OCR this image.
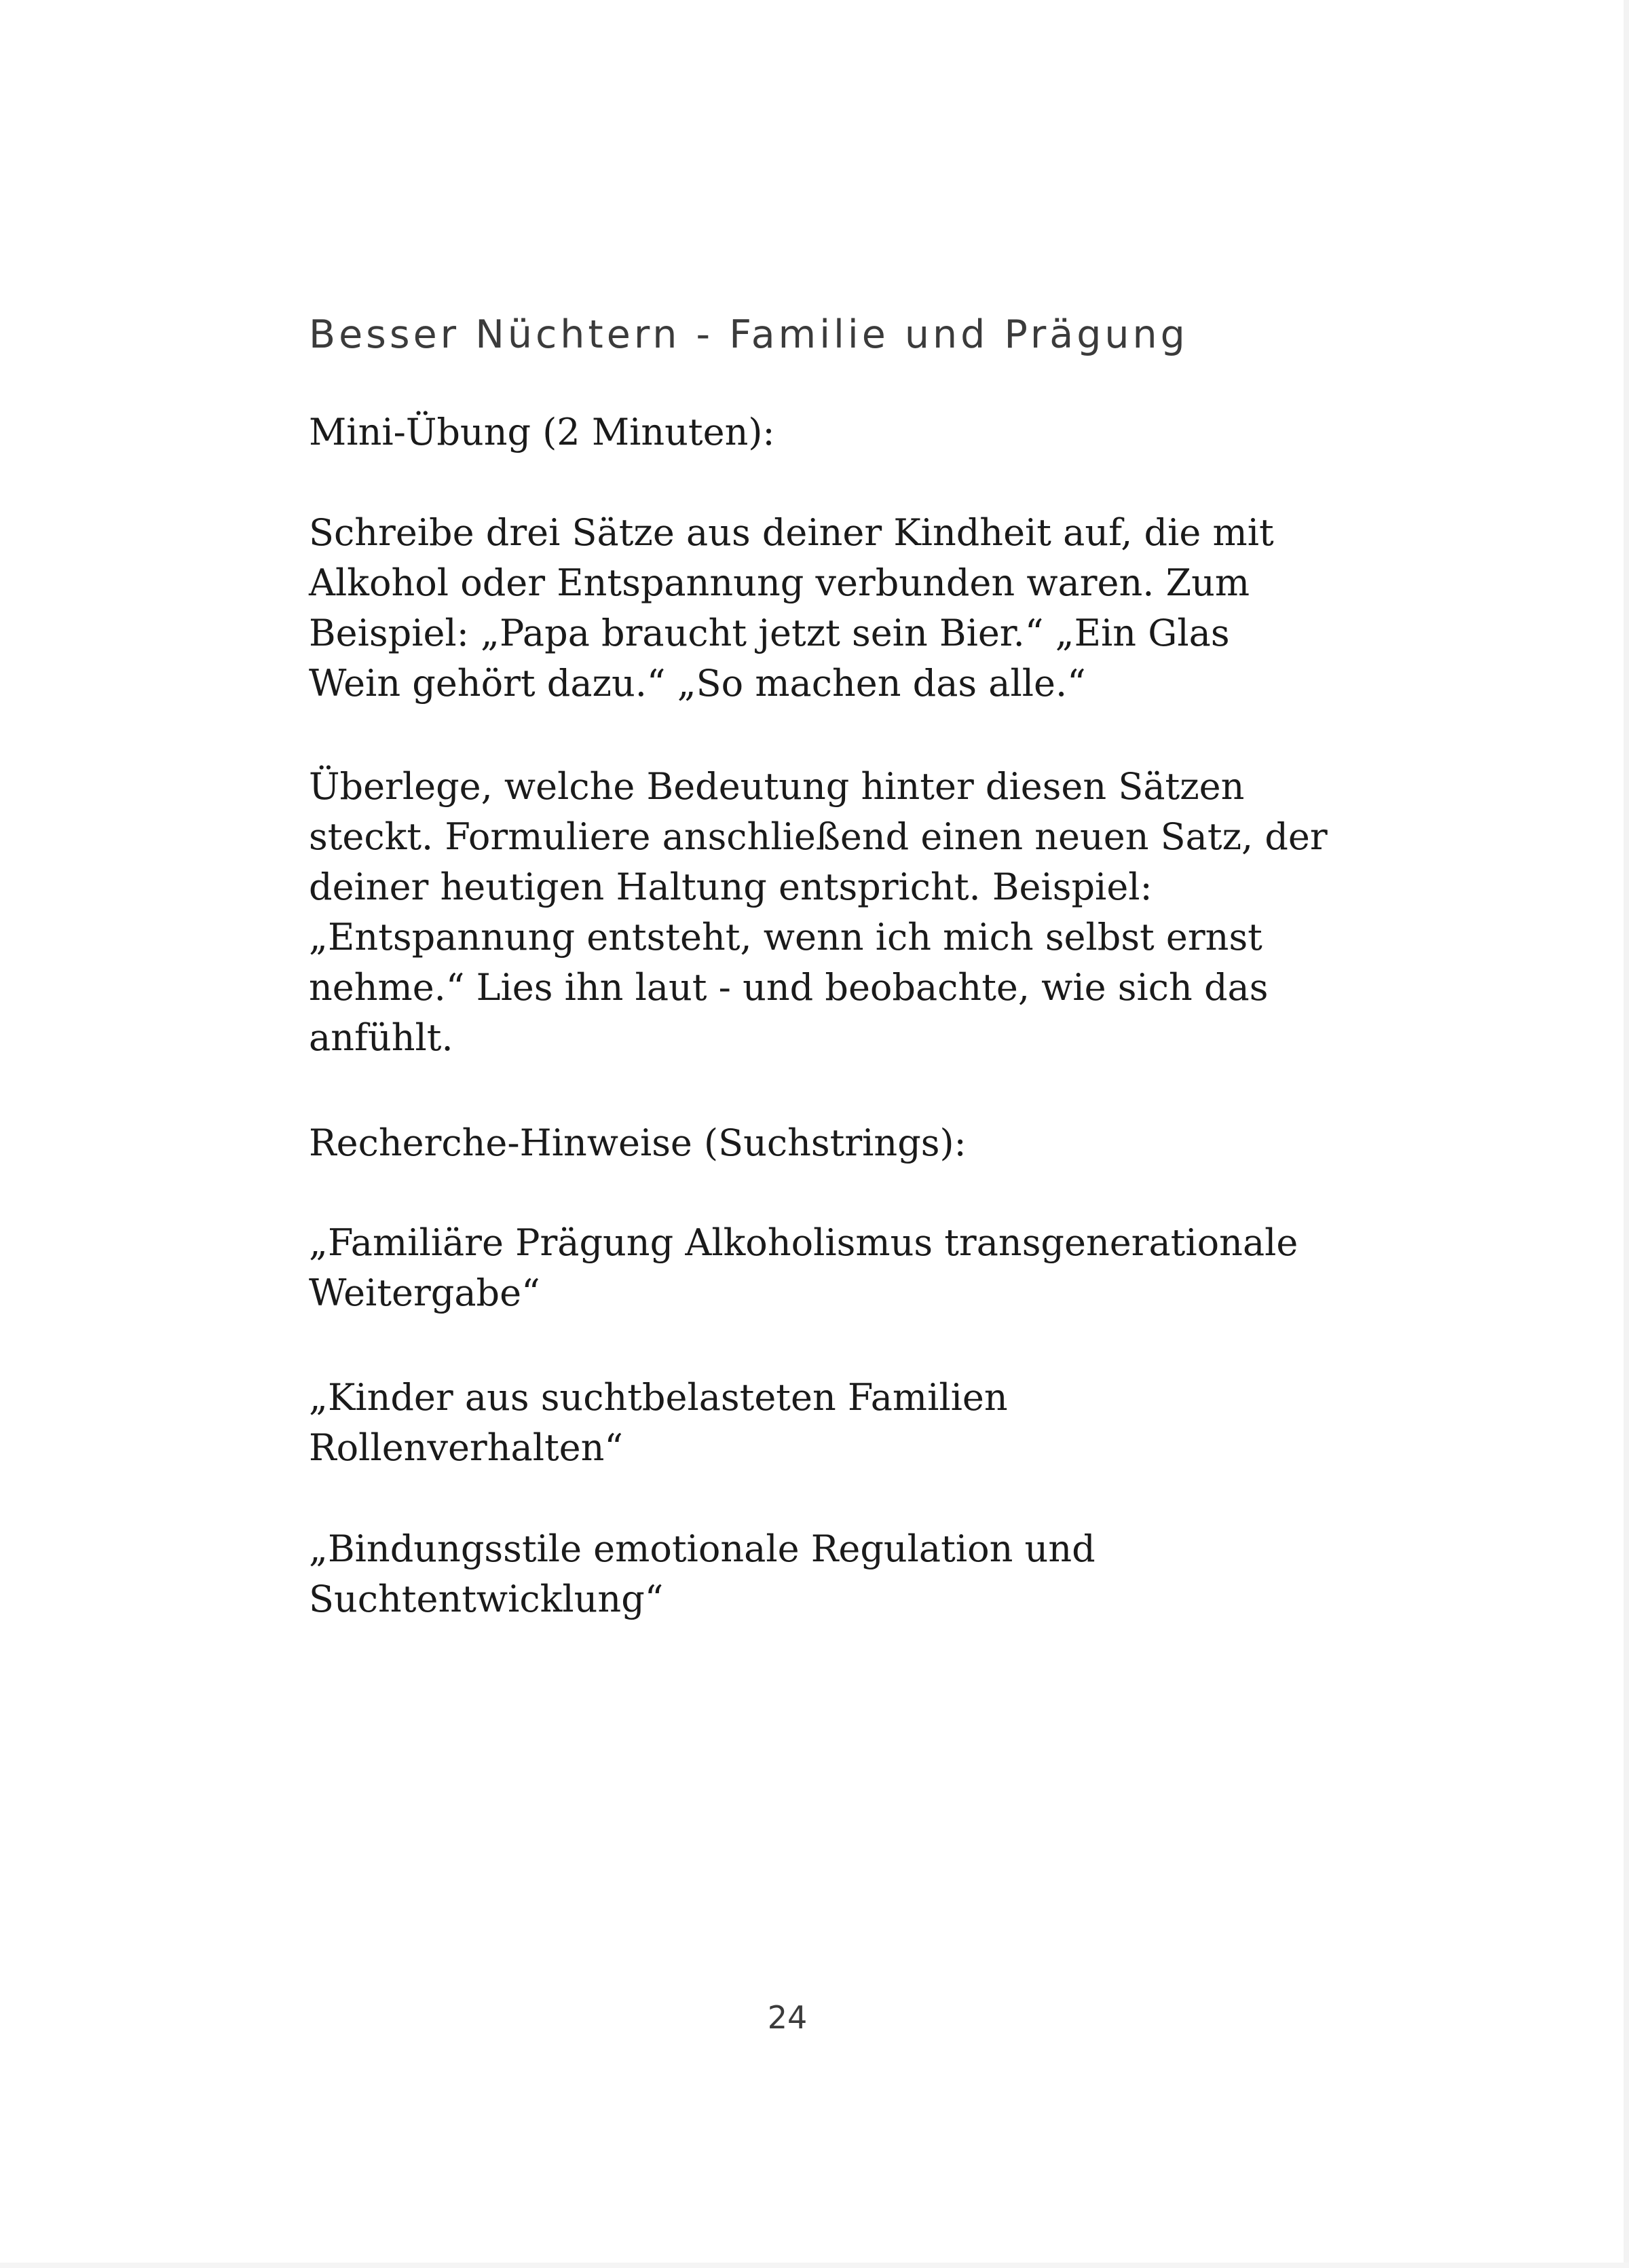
Besser Nüchtern - Familie und Prägung

Mini-Übung (2 Minuten):

Schreibe drei Sätze aus deiner Kindheit auf, die mit
Alkohol oder Entspannung verbunden waren. Zum
Beispiel: „Papa braucht jetzt sein Bier.“ „Ein Glas
Wein gehört dazu.“ „So machen das alle.“

Überlege, welche Bedeutung hinter diesen Sätzen
steckt. Formuliere anschließend einen neuen Satz, der
deiner heutigen Haltung entspricht. Beispiel:
„Entspannung entsteht, wenn ich mich selbst ernst
nehme.“ Lies ihn laut - und beobachte, wie sich das
anfühlt.

Recherche-Hinweise (Suchstrings):

„Familiäre Prägung Alkoholismus transgenerationale
Weitergabe“

„Kinder aus suchtbelasteten Familien
Rollenverhalten“

„Bindungsstile emotionale Regulation und
Suchtentwicklung“

24
